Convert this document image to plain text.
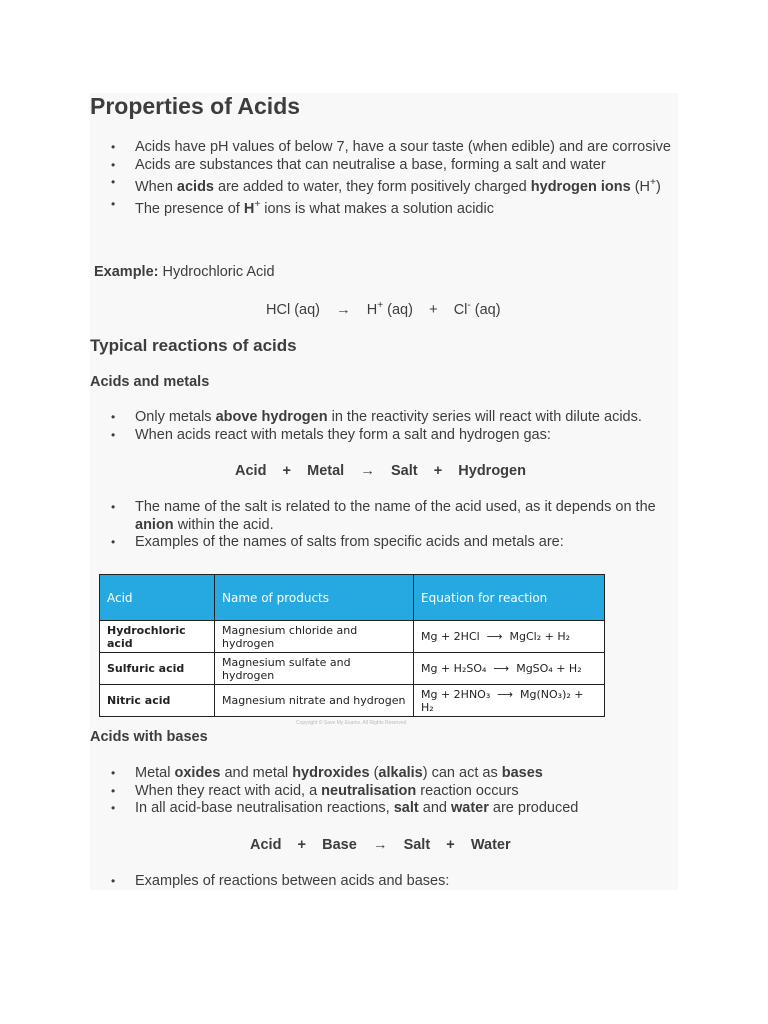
Properties of Acids
• Acids have pH values of below 7, have a sour taste (when edible) and are corrosive
• Acids are substances that can neutralise a base, forming a salt and water
• When acids are added to water, they form positively charged hydrogen ions (H+)
• The presence of H+ ions is what makes a solution acidic
Example: Hydrochloric Acid
HCl (aq) → H+ (aq) + Cl- (aq)
Typical reactions of acids
Acids and metals
• Only metals above hydrogen in the reactivity series will react with dilute acids.
• When acids react with metals they form a salt and hydrogen gas:
Acid + Metal → Salt + Hydrogen
• The name of the salt is related to the name of the acid used, as it depends on the anion within the acid.
• Examples of the names of salts from specific acids and metals are:
Acid	Name of products	Equation for reaction
Hydrochloric acid	Magnesium chloride and hydrogen	Mg + 2HCl ⟶ MgCl₂ + H₂
Sulfuric acid	Magnesium sulfate and hydrogen	Mg + H₂SO₄ ⟶ MgSO₄ + H₂
Nitric acid	Magnesium nitrate and hydrogen	Mg + 2HNO₃ ⟶ Mg(NO₃)₂ + H₂
Copyright © Save My Exams. All Rights Reserved
Acids with bases
• Metal oxides and metal hydroxides (alkalis) can act as bases
• When they react with acid, a neutralisation reaction occurs
• In all acid-base neutralisation reactions, salt and water are produced
Acid + Base → Salt + Water
• Examples of reactions between acids and bases:
